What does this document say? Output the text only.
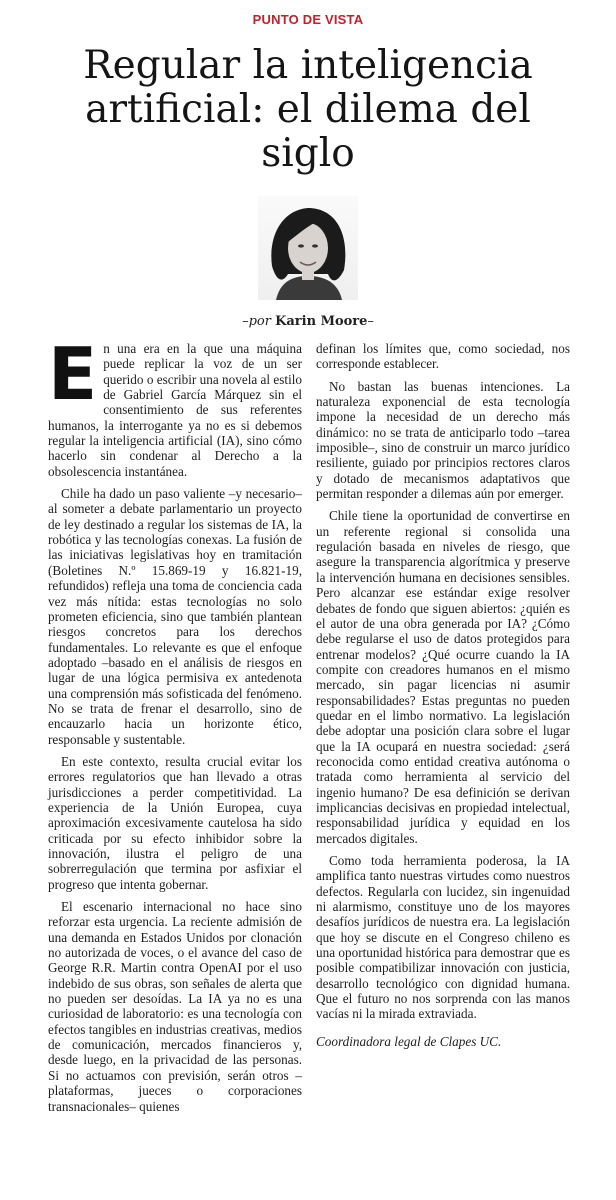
PUNTO DE VISTA
Regular la inteligencia
artificial: el dilema del
siglo
–por Karin Moore–

En una era en la que una máquina puede replicar la voz de un ser querido o escribir una novela al estilo de Gabriel García Márquez sin el consentimiento de sus referentes humanos, la interrogante ya no es si debemos regular la inteligencia artificial (IA), sino cómo hacerlo sin condenar al Derecho a la obsolescencia instantánea.

Chile ha dado un paso valiente –y necesario– al someter a debate parlamentario un proyecto de ley destinado a regular los sistemas de IA, la robótica y las tecnologías conexas. La fusión de las iniciativas legislativas hoy en tramitación (Boletines N.º 15.869-19 y 16.821-19, refundidos) refleja una toma de conciencia cada vez más nítida: estas tecnologías no solo prometen eficiencia, sino que también plantean riesgos concretos para los derechos fundamentales. Lo relevante es que el enfoque adoptado –basado en el análisis de riesgos en lugar de una lógica permisiva ex antedenota una comprensión más sofisticada del fenómeno. No se trata de frenar el desarrollo, sino de encauzarlo hacia un horizonte ético, responsable y sustentable.

En este contexto, resulta crucial evitar los errores regulatorios que han llevado a otras jurisdicciones a perder competitividad. La experiencia de la Unión Europea, cuya aproximación excesivamente cautelosa ha sido criticada por su efecto inhibidor sobre la innovación, ilustra el peligro de una sobrerregulación que termina por asfixiar el progreso que intenta gobernar.

El escenario internacional no hace sino reforzar esta urgencia. La reciente admisión de una demanda en Estados Unidos por clonación no autorizada de voces, o el avance del caso de George R.R. Martin contra OpenAI por el uso indebido de sus obras, son señales de alerta que no pueden ser desoídas. La IA ya no es una curiosidad de laboratorio: es una tecnología con efectos tangibles en industrias creativas, medios de comunicación, mercados financieros y, desde luego, en la privacidad de las personas. Si no actuamos con previsión, serán otros –plataformas, jueces o corporaciones transnacionales– quienes

definan los límites que, como sociedad, nos corresponde establecer.

No bastan las buenas intenciones. La naturaleza exponencial de esta tecnología impone la necesidad de un derecho más dinámico: no se trata de anticiparlo todo –tarea imposible–, sino de construir un marco jurídico resiliente, guiado por principios rectores claros y dotado de mecanismos adaptativos que permitan responder a dilemas aún por emerger.

Chile tiene la oportunidad de convertirse en un referente regional si consolida una regulación basada en niveles de riesgo, que asegure la transparencia algorítmica y preserve la intervención humana en decisiones sensibles. Pero alcanzar ese estándar exige resolver debates de fondo que siguen abiertos: ¿quién es el autor de una obra generada por IA? ¿Cómo debe regularse el uso de datos protegidos para entrenar modelos? ¿Qué ocurre cuando la IA compite con creadores humanos en el mismo mercado, sin pagar licencias ni asumir responsabilidades? Estas preguntas no pueden quedar en el limbo normativo. La legislación debe adoptar una posición clara sobre el lugar que la IA ocupará en nuestra sociedad: ¿será reconocida como entidad creativa autónoma o tratada como herramienta al servicio del ingenio humano? De esa definición se derivan implicancias decisivas en propiedad intelectual, responsabilidad jurídica y equidad en los mercados digitales.

Como toda herramienta poderosa, la IA amplifica tanto nuestras virtudes como nuestros defectos. Regularla con lucidez, sin ingenuidad ni alarmismo, constituye uno de los mayores desafíos jurídicos de nuestra era. La legislación que hoy se discute en el Congreso chileno es una oportunidad histórica para demostrar que es posible compatibilizar innovación con justicia, desarrollo tecnológico con dignidad humana. Que el futuro no nos sorprenda con las manos vacías ni la mirada extraviada.

Coordinadora legal de Clapes UC.
